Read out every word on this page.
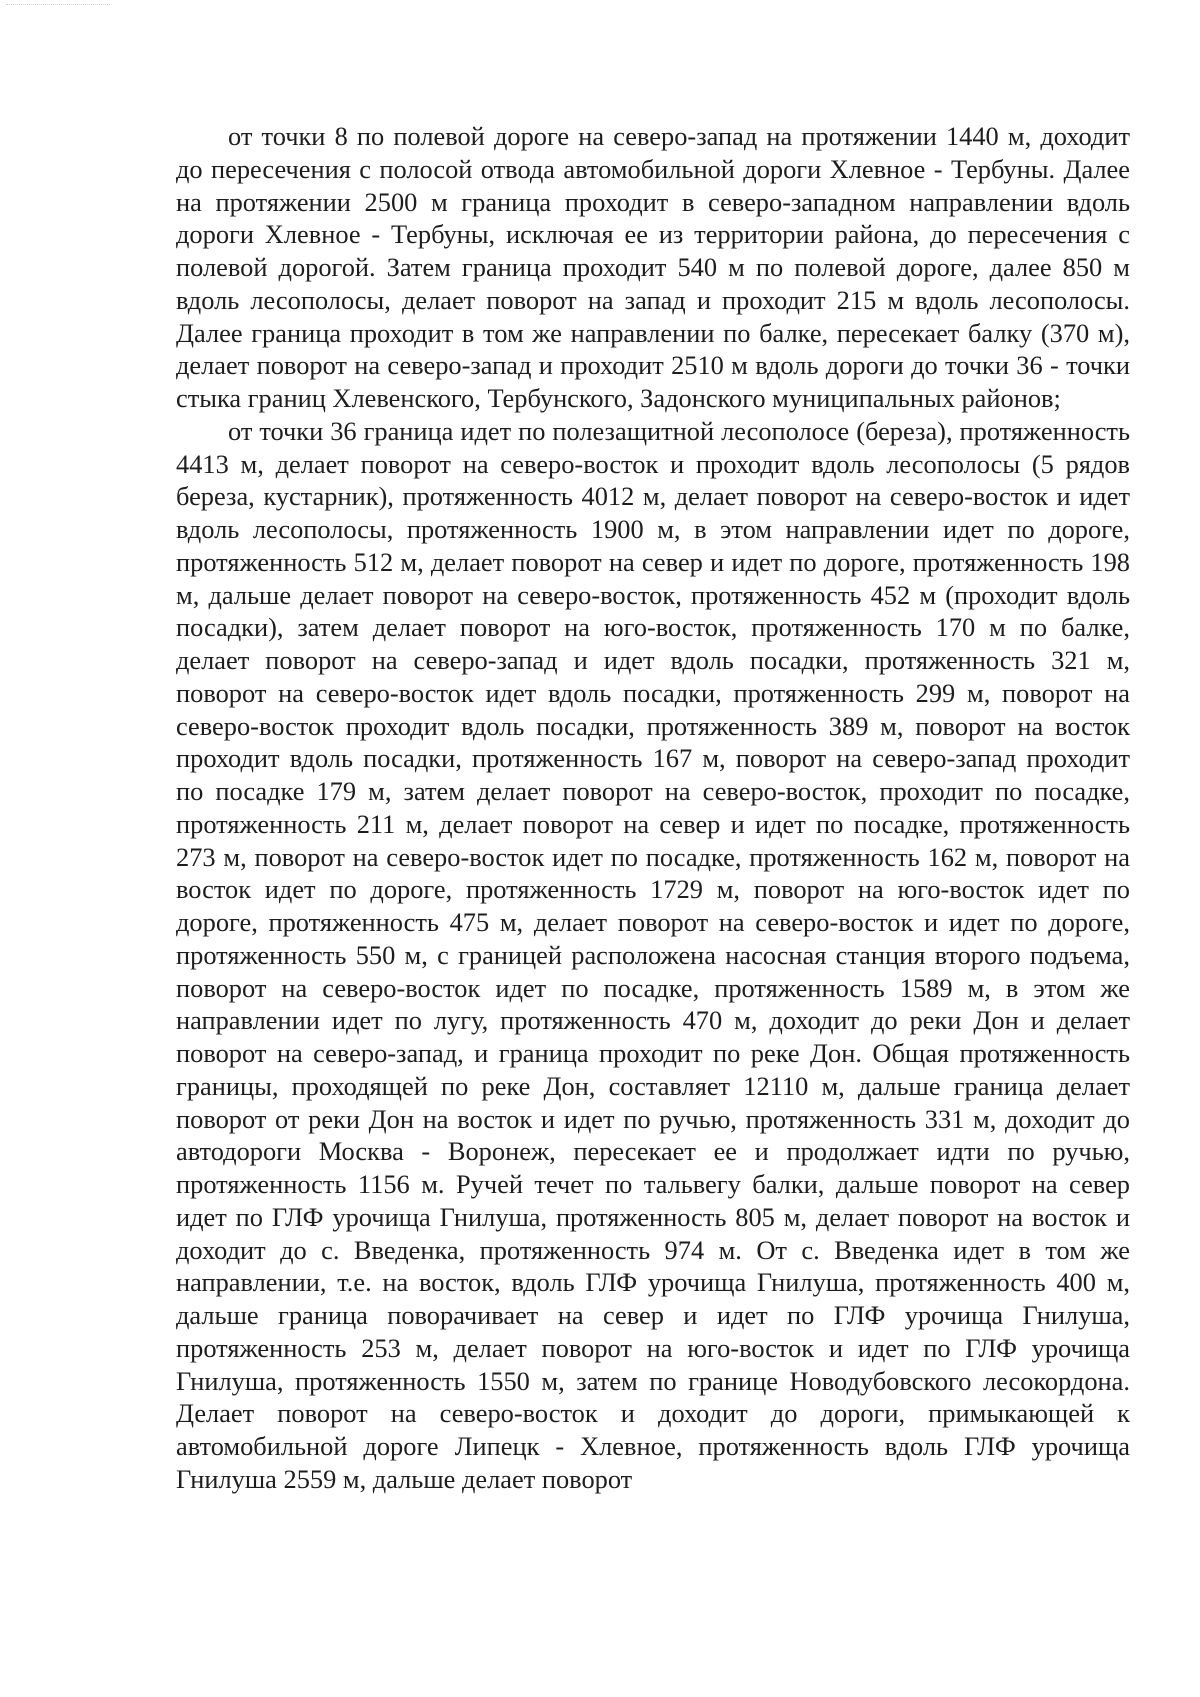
от точки 8 по полевой дороге на северо-запад на протяжении 1440 м, доходит до пересечения с полосой отвода автомобильной дороги Хлевное - Тербуны. Далее на протяжении 2500 м граница проходит в северо-западном направлении вдоль дороги Хлевное - Тербуны, исключая ее из территории района, до пересечения с полевой дорогой. Затем граница проходит 540 м по полевой дороге, далее 850 м вдоль лесополосы, делает поворот на запад и проходит 215 м вдоль лесополосы. Далее граница проходит в том же направлении по балке, пересекает балку (370 м), делает поворот на северо-запад и проходит 2510 м вдоль дороги до точки 36 - точки стыка границ Хлевенского, Тербунского, Задонского муниципальных районов;

от точки 36 граница идет по полезащитной лесополосе (береза), протяженность 4413 м, делает поворот на северо-восток и проходит вдоль лесополосы (5 рядов береза, кустарник), протяженность 4012 м, делает поворот на северо-восток и идет вдоль лесополосы, протяженность 1900 м, в этом направлении идет по дороге, протяженность 512 м, делает поворот на север и идет по дороге, протяженность 198 м, дальше делает поворот на северо-восток, протяженность 452 м (проходит вдоль посадки), затем делает поворот на юго-восток, протяженность 170 м по балке, делает поворот на северо-запад и идет вдоль посадки, протяженность 321 м, поворот на северо-восток идет вдоль посадки, протяженность 299 м, поворот на северо-восток проходит вдоль посадки, протяженность 389 м, поворот на восток проходит вдоль посадки, протяженность 167 м, поворот на северо-запад проходит по посадке 179 м, затем делает поворот на северо-восток, проходит по посадке, протяженность 211 м, делает поворот на север и идет по посадке, протяженность 273 м, поворот на северо-восток идет по посадке, протяженность 162 м, поворот на восток идет по дороге, протяженность 1729 м, поворот на юго-восток идет по дороге, протяженность 475 м, делает поворот на северо-восток и идет по дороге, протяженность 550 м, с границей расположена насосная станция второго подъема, поворот на северо-восток идет по посадке, протяженность 1589 м, в этом же направлении идет по лугу, протяженность 470 м, доходит до реки Дон и делает поворот на северо-запад, и граница проходит по реке Дон. Общая протяженность границы, проходящей по реке Дон, составляет 12110 м, дальше граница делает поворот от реки Дон на восток и идет по ручью, протяженность 331 м, доходит до автодороги Москва - Воронеж, пересекает ее и продолжает идти по ручью, протяженность 1156 м. Ручей течет по тальвегу балки, дальше поворот на север идет по ГЛФ урочища Гнилуша, протяженность 805 м, делает поворот на восток и доходит до с. Введенка, протяженность 974 м. От с. Введенка идет в том же направлении, т.е. на восток, вдоль ГЛФ урочища Гнилуша, протяженность 400 м, дальше граница поворачивает на север и идет по ГЛФ урочища Гнилуша, протяженность 253 м, делает поворот на юго-восток и идет по ГЛФ урочища Гнилуша, протяженность 1550 м, затем по границе Новодубовского лесокордона. Делает поворот на северо-восток и доходит до дороги, примыкающей к автомобильной дороге Липецк - Хлевное, протяженность вдоль ГЛФ урочища Гнилуша 2559 м, дальше делает поворот
